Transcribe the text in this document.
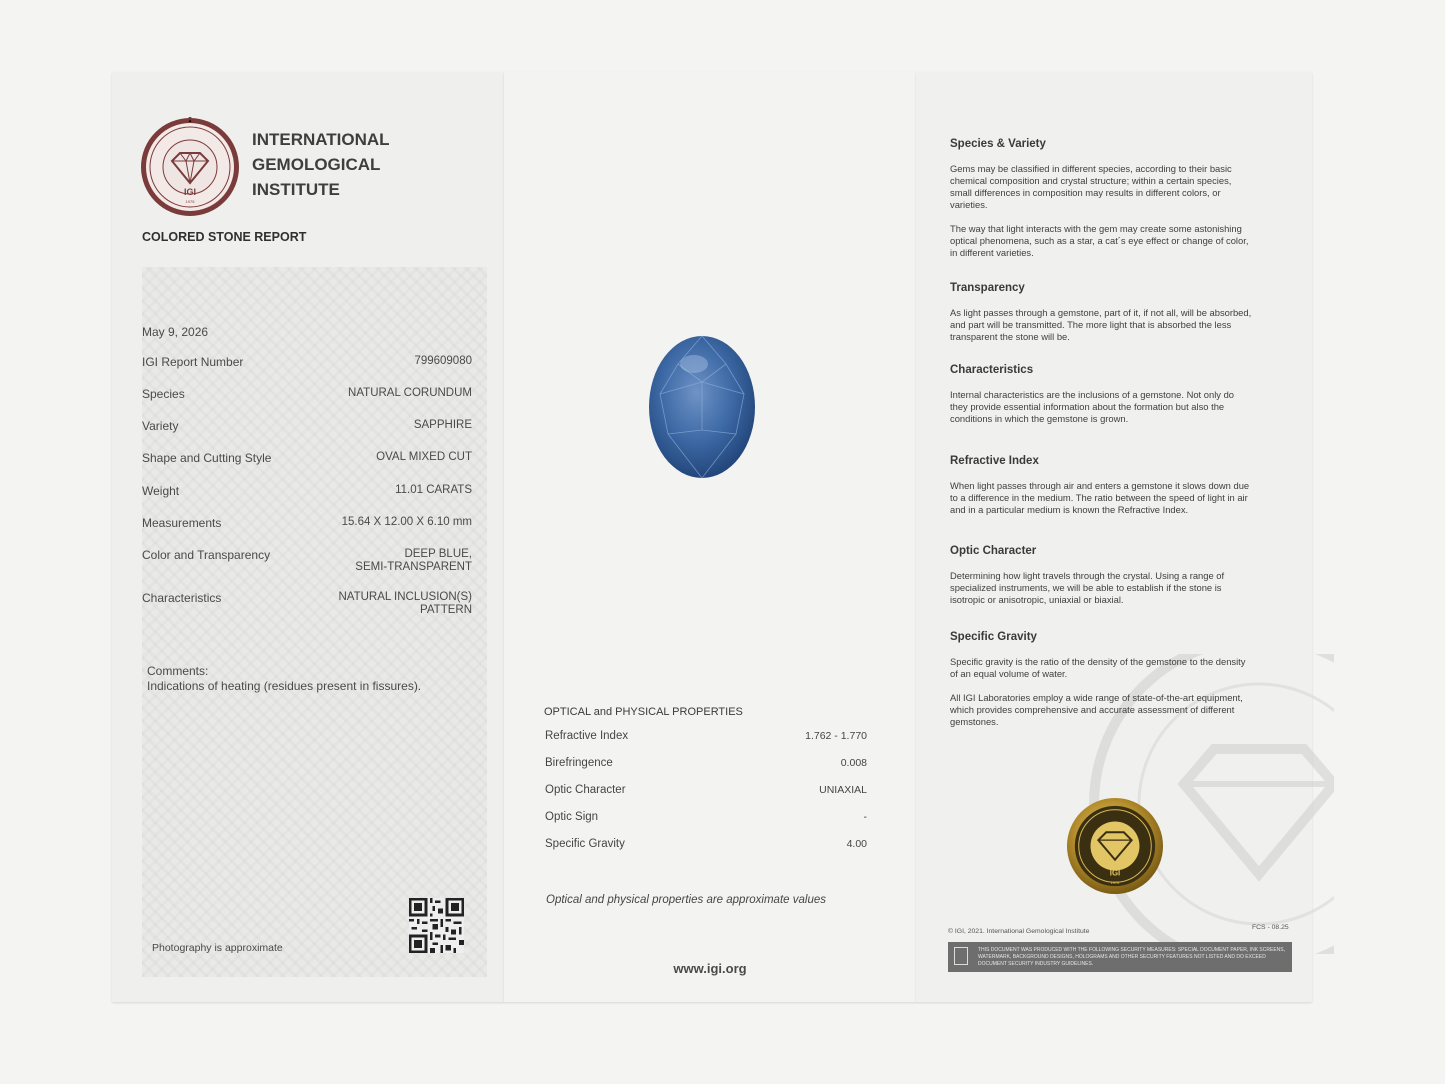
IGI
1975
INTERNATIONAL
GEMOLOGICAL
INSTITUTE
COLORED STONE REPORT
May 9, 2026
IGI Report Number	799609080
Species	NATURAL CORUNDUM
Variety	SAPPHIRE
Shape and Cutting Style	OVAL MIXED CUT
Weight	11.01 CARATS
Measurements	15.64 X 12.00 X 6.10 mm
Color and Transparency	DEEP BLUE,
SEMI-TRANSPARENT
Characteristics	NATURAL INCLUSION(S)
PATTERN
Comments:
Indications of heating (residues present in fissures).
Photography is approximate
OPTICAL and PHYSICAL PROPERTIES
Refractive Index	1.762 - 1.770
Birefringence	0.008
Optic Character	UNIAXIAL
Optic Sign	-
Specific Gravity	4.00
Optical and physical properties are approximate values
www.igi.org
Species & Variety

Gems may be classified in different species, according to their basic chemical composition and crystal structure; within a certain species, small differences in composition may results in different colors, or varieties.

The way that light interacts with the gem may create some astonishing optical phenomena, such as a star, a cat´s eye effect or change of color, in different varieties.

Transparency

As light passes through a gemstone, part of it, if not all, will be absorbed, and part will be transmitted. The more light that is absorbed the less transparent the stone will be.

Characteristics

Internal characteristics are the inclusions of a gemstone. Not only do they provide essential information about the formation but also the conditions in which the gemstone is grown.

Refractive Index

When light passes through air and enters a gemstone it slows down due to a difference in the medium. The ratio between the speed of light in air and in a particular medium is known the Refractive Index.

Optic Character

Determining how light travels through the crystal. Using a range of specialized instruments, we will be able to establish if the stone is isotropic or anisotropic, uniaxial or biaxial.

Specific Gravity

Specific gravity is the ratio of the density of the gemstone to the density of an equal volume of water.

All IGI Laboratories employ a wide range of state-of-the-art equipment, which provides comprehensive and accurate assessment of different gemstones.

IGI
1975
© IGI, 2021. International Gemological Institute
FCS - 08.25
THIS DOCUMENT WAS PRODUCED WITH THE FOLLOWING SECURITY MEASURES: SPECIAL DOCUMENT PAPER, INK SCREENS, WATERMARK, BACKGROUND DESIGNS, HOLOGRAMS AND OTHER SECURITY FEATURES NOT LISTED AND DO EXCEED DOCUMENT SECURITY INDUSTRY GUIDELINES.
